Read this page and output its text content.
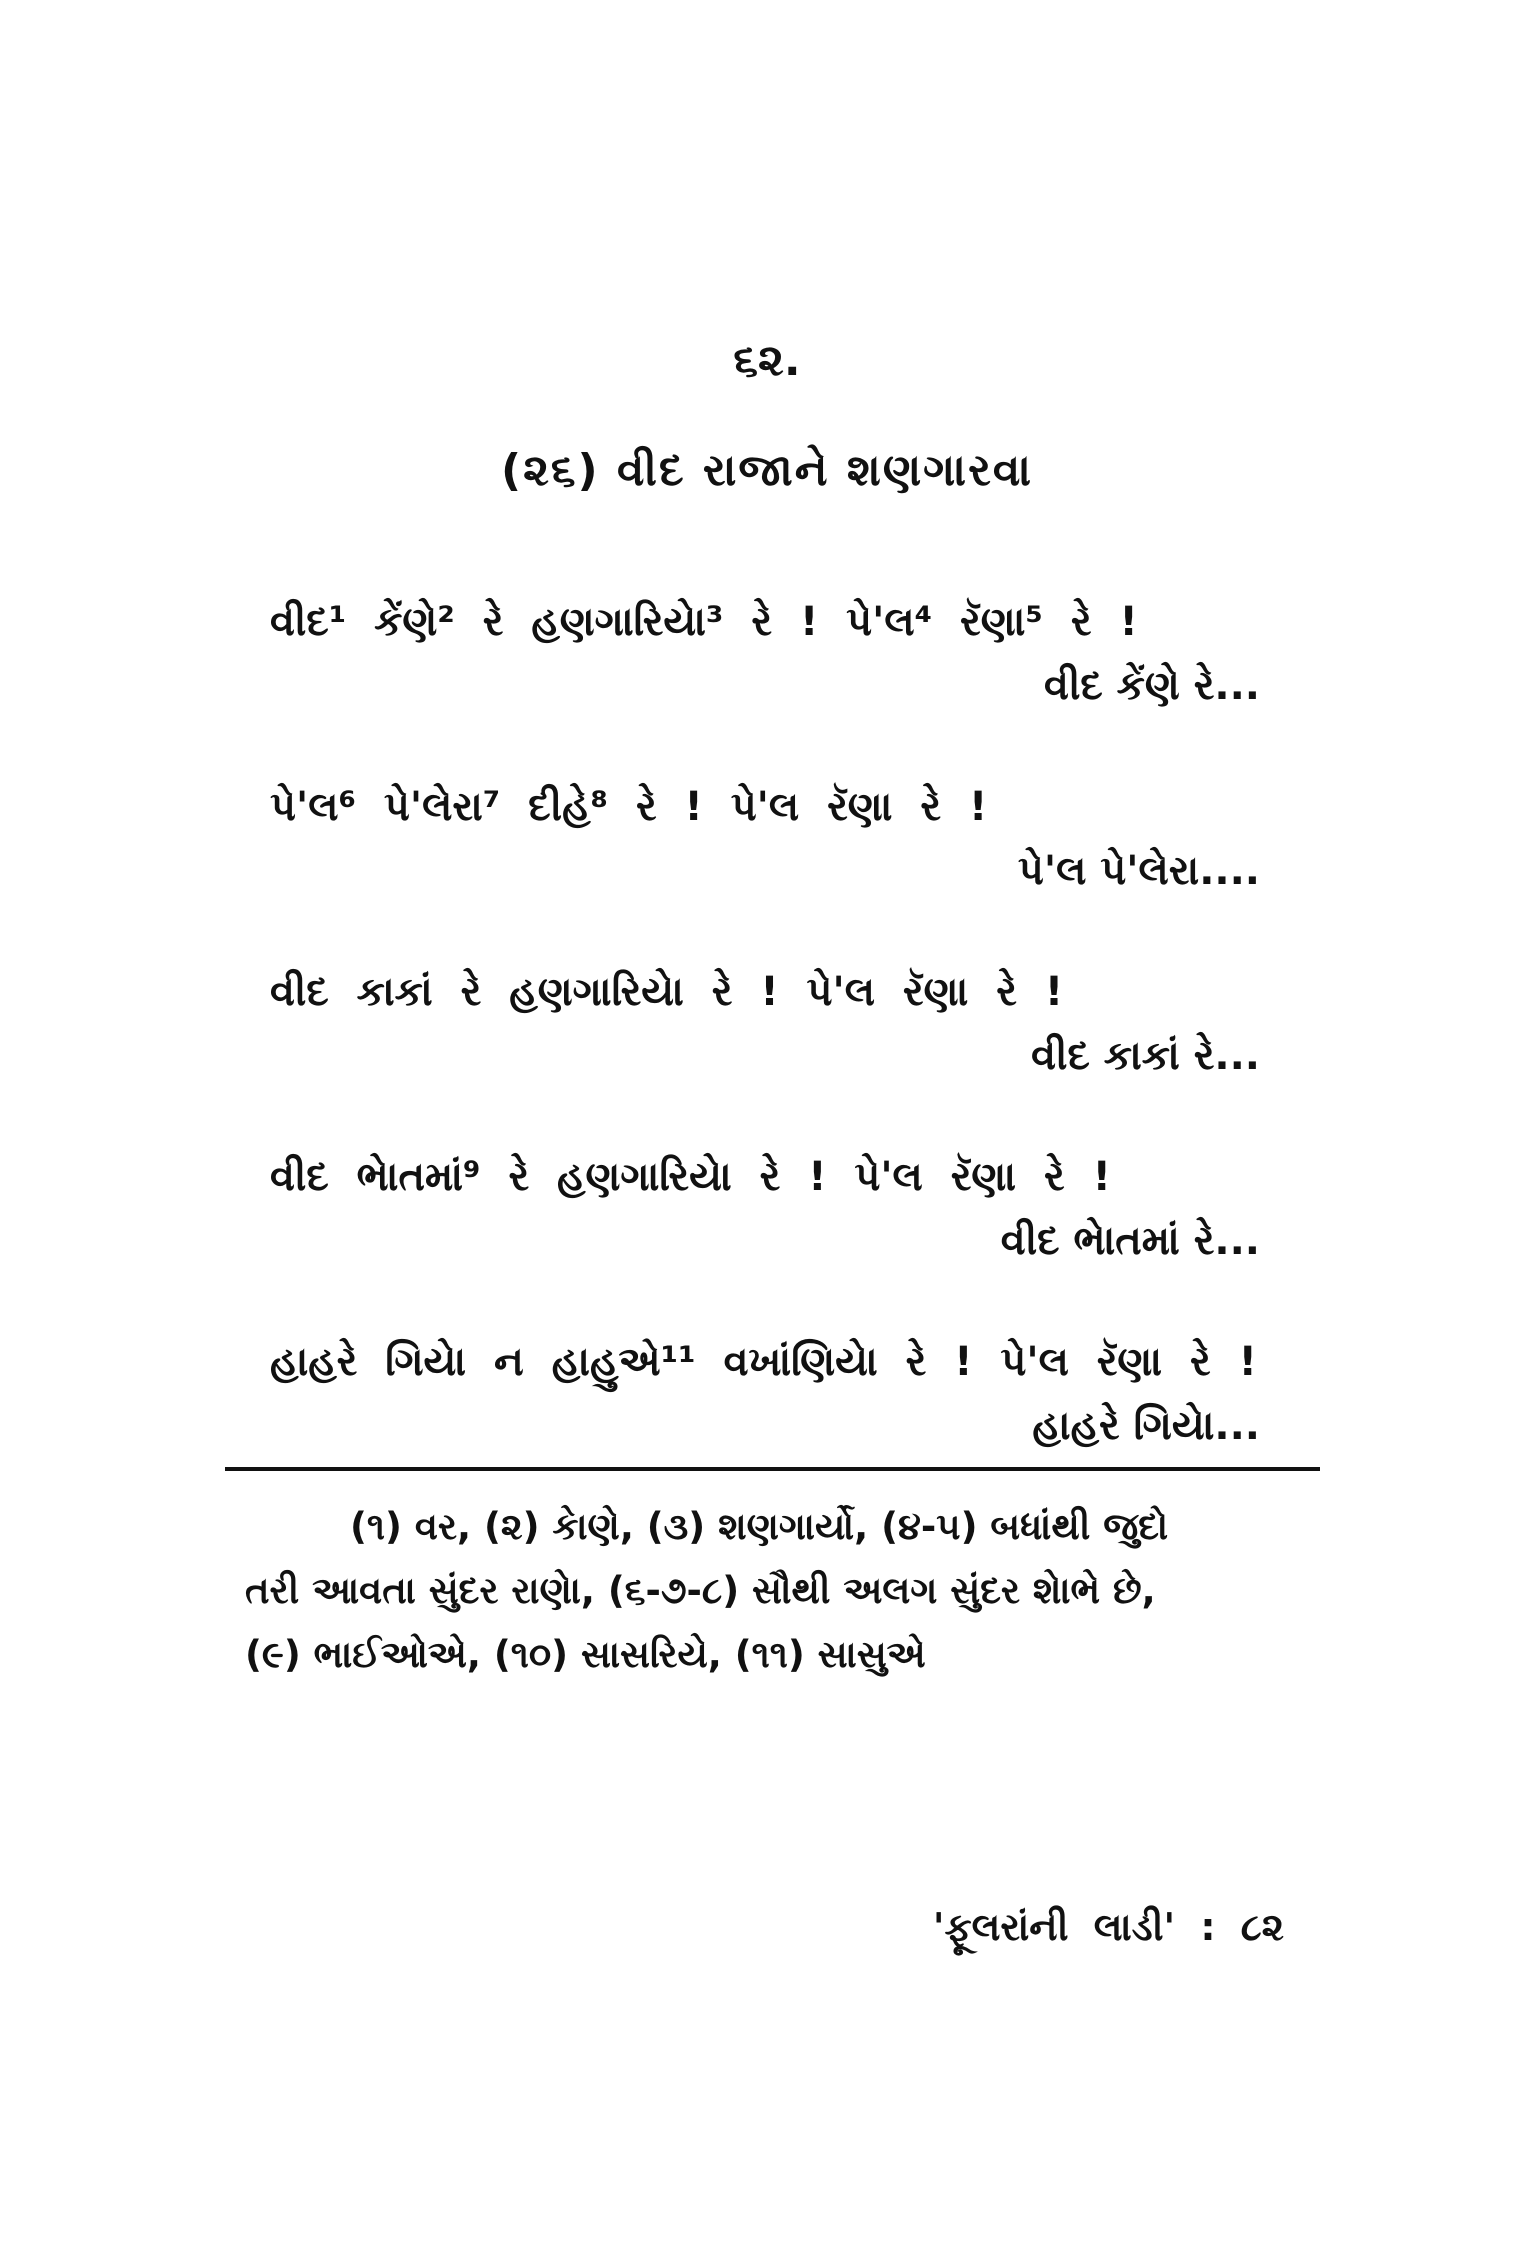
૬૨.
(૨૬) વીદ રાજાને શણગારવા
વીદ¹ કેંણે² રે હણગારિયેા³ રે ! પે'લ⁴ રૅણા⁵ રે !
વીદ કેંણે રે...
પે'લ⁶ પે'લેરા⁷ દીહે⁸ રે ! પે'લ રૅણા રે !
પે'લ પે'લેરા....
વીદ કાકાં રે હણગારિયેા રે ! પે'લ રૅણા રે !
વીદ કાકાં રે...
વીદ ભાેતમાં⁹ રે હણગારિયેા રે ! પે'લ રૅણા રે !
વીદ ભાેતમાં રે...
હાહરે ગિયેા ન હાહુએ¹¹ વખાંણિયેા રે ! પે'લ રૅણા રે !
હાહરે ગિયેા...
(૧) વર, (૨) કાેણે, (૩) શણગાર્યો, (૪-૫) બધાંથી જુદો
તરી આવતા સુંદર રાણેા, (૬-૭-૮) સૌથી અલગ સુંદર શાેભે છે,
(૯) ભાઈઓએ, (૧૦) સાસરિયે, (૧૧) સાસુએ
'ફૂલરાંની લાડી' : ૮૨
